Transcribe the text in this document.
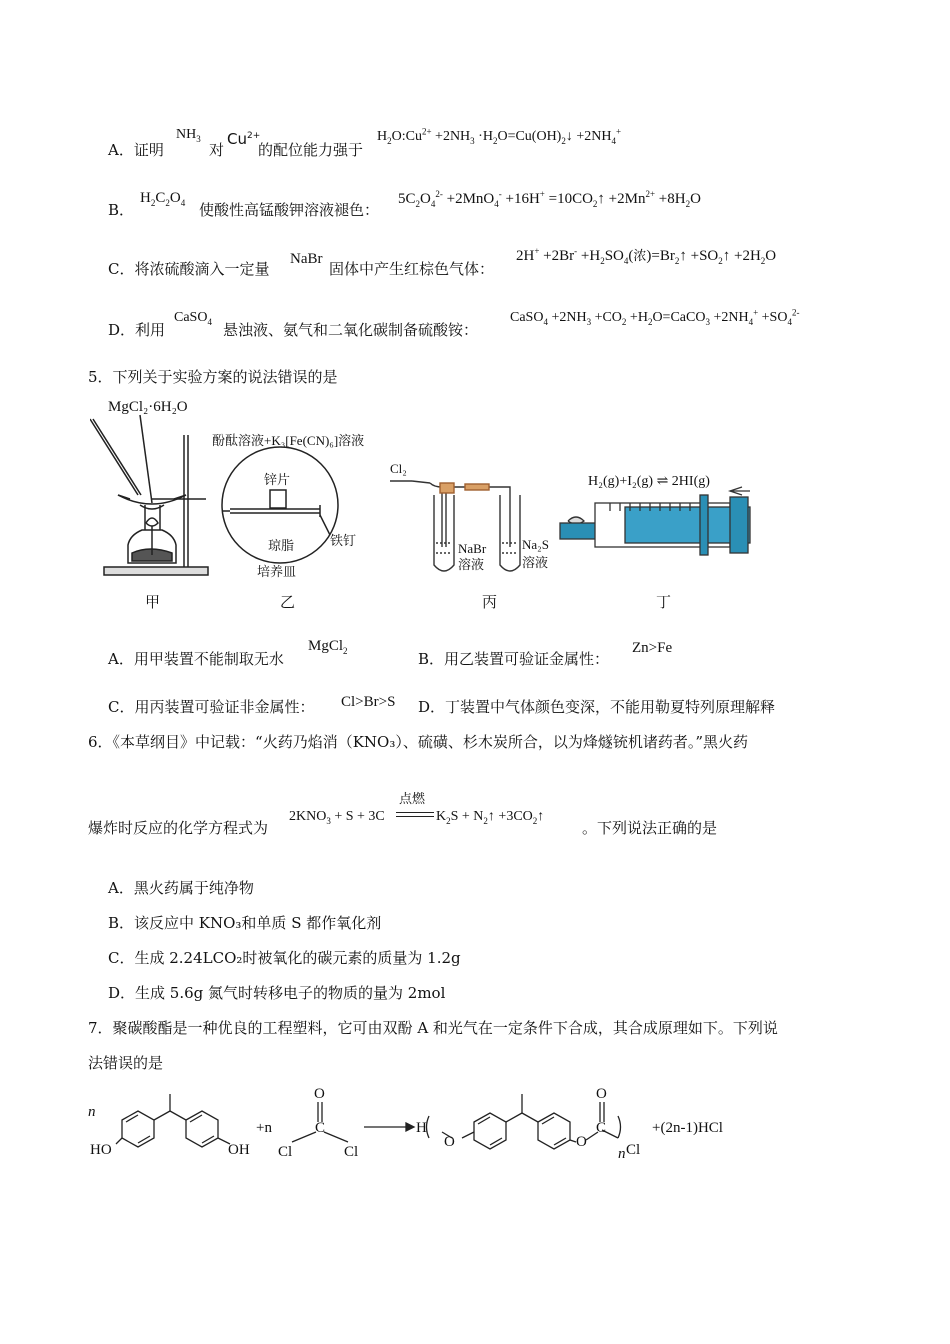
A．证明
$NH_3$
对
$Cu^{2+}$
的配位能力强于
$H_2O:Cu^{2+} +2NH_3$ $\cdot H_2O=Cu(OH)_2↓ +2NH_4^+$
B．
$H_2C_2O_4$ 使酸性高锰酸钾溶液褪色：
$5C_2O_4^{2-} +2MnO_4^- +16H^+$ $=10CO_2↑ +2Mn^{2+} +8H_2O$
C．将浓硫酸滴入一定量
NaBr
固体中产生红棕色气体：
$2H^+ +2Br^- +H_2SO_4$(浓)$=Br_2↑$ $+SO_2↑ +2H_2O$
D．利用
CaSO$_4$ 悬浊液、氨气和二氧化碳制备硫酸铵：
CaSO$_4$ $+2NH_3 +CO_2$ $+H_2O=CaCO_3 +2NH_4^+ +SO_4^{2-}$
5．下列关于实验方案的说法错误的是
MgCl₂·6H₂O
甲
酚酞溶液+K₃[Fe(CN)₆]溶液
锌片
琼脂	铁钉
培养皿
乙
Cl₂
NaBr
溶液
Na₂S
溶液
丙
H₂(g)+I₂(g) ⇌ 2HI(g)
丁
A．用甲装置不能制取无水
MgCl$_2$	B．用乙装置可验证金属性：
Zn>Fe
C．用丙装置可验证非金属性： Cl>Br>S D．丁装置中气体颜色变深，不能用勒夏特列原理解释
6．《本草纲目》中记载：“火药乃焰消（KNO₃）、硫磺、杉木炭所合，以为烽燧铳机诸药者。”黑火药
爆炸时反应的化学方程式为
$2KNO_3 + S + 3C$
点燃
$K_2S$ + $N_2↑$ $+3CO_2↑$
。下列说法正确的是
A．黑火药属于纯净物
B．该反应中 KNO₃和单质 S 都作氧化剂
C．生成 2.24LCO₂时被氧化的碳元素的质量为 1.2g
D．生成 5.6g 氮气时转移电子的物质的量为 2mol
7．聚碳酸酯是一种优良的工程塑料，它可由双酚 A 和光气在一定条件下合成，其合成原理如下。下列说
法错误的是
n
HO	OH
+n
O
C
Cl	Cl
H
O	O
O
C
n Cl
+(2n-1)HCl
